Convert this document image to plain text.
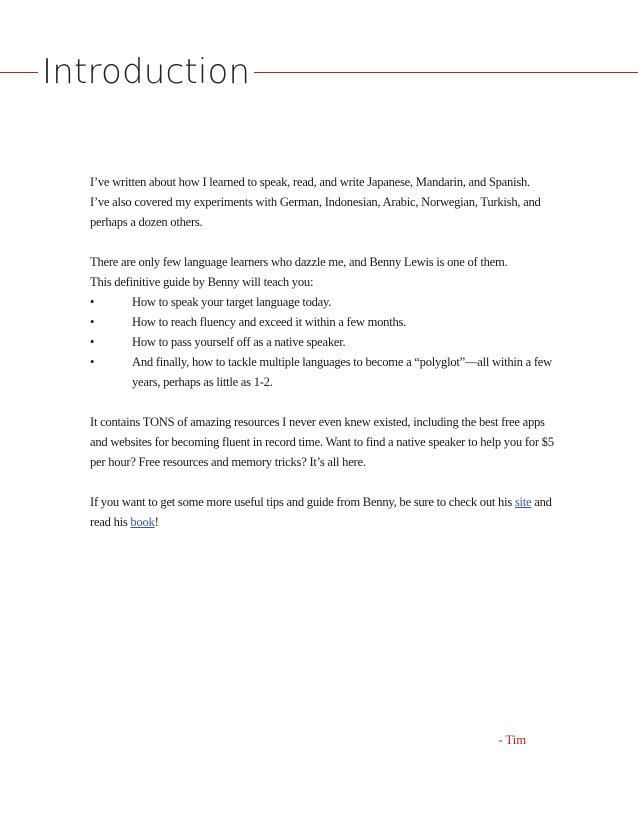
Introduction

I’ve written about how I learned to speak, read, and write Japanese, Mandarin, and Spanish.
I’ve also covered my experiments with German, Indonesian, Arabic, Norwegian, Turkish, and
perhaps a dozen others.

There are only few language learners who dazzle me, and Benny Lewis is one of them.
This definitive guide by Benny will teach you:

•	How to speak your target language today.
•	How to reach fluency and exceed it within a few months.
•	How to pass yourself off as a native speaker.
•	And finally, how to tackle multiple languages to become a “polyglot”—all within a few years, perhaps as little as 1-2.

It contains TONS of amazing resources I never even knew existed, including the best free apps
and websites for becoming fluent in record time. Want to find a native speaker to help you for $5
per hour? Free resources and memory tricks? It’s all here.

If you want to get some more useful tips and guide from Benny, be sure to check out his site and
read his book!

- Tim
